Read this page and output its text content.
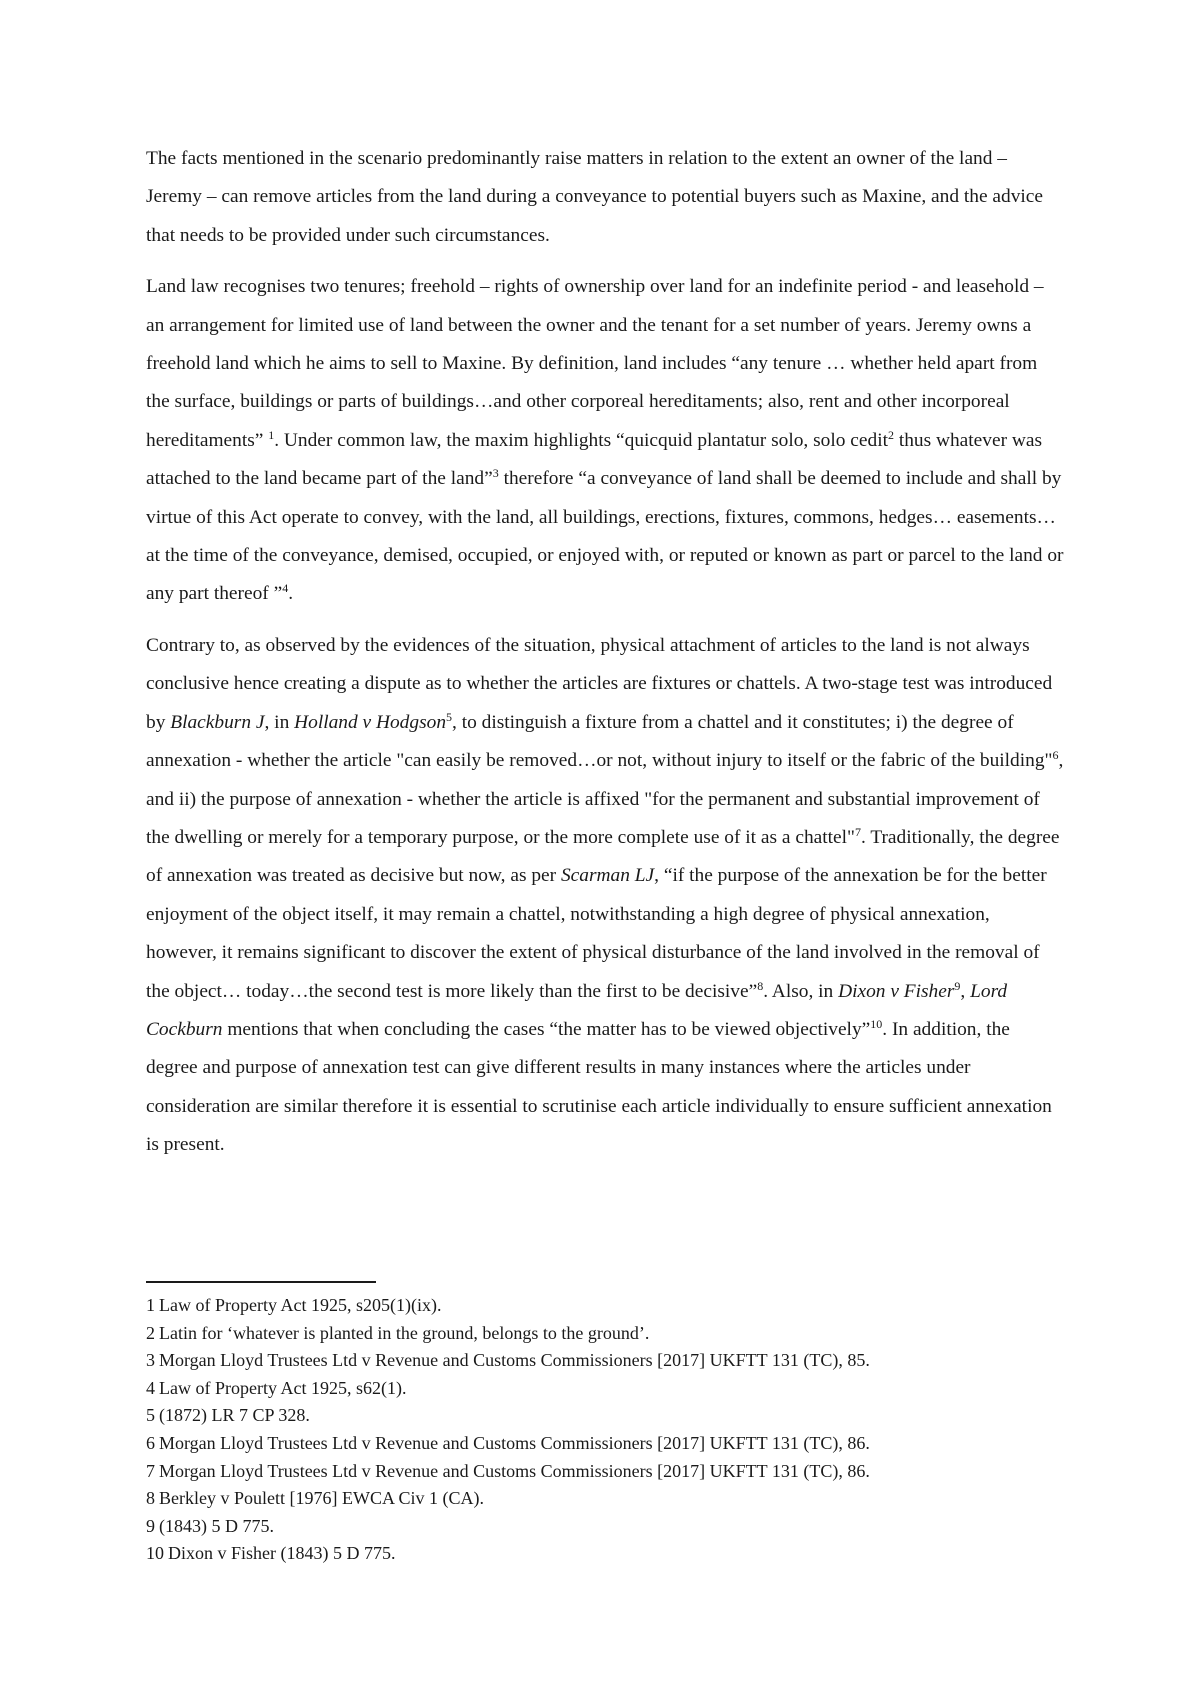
The facts mentioned in the scenario predominantly raise matters in relation to the extent an owner of the land – Jeremy – can remove articles from the land during a conveyance to potential buyers such as Maxine, and the advice that needs to be provided under such circumstances.

Land law recognises two tenures; freehold – rights of ownership over land for an indefinite period - and leasehold – an arrangement for limited use of land between the owner and the tenant for a set number of years. Jeremy owns a freehold land which he aims to sell to Maxine. By definition, land includes “any tenure … whether held apart from the surface, buildings or parts of buildings…and other corporeal hereditaments; also, rent and other incorporeal hereditaments” $^1$. Under common law, the maxim highlights “quicquid plantatur solo, solo cedit$^2$ thus whatever was attached to the land became part of the land”$^3$ therefore “a conveyance of land shall be deemed to include and shall by virtue of this Act operate to convey, with the land, all buildings, erections, fixtures, commons, hedges… easements…at the time of the conveyance, demised, occupied, or enjoyed with, or reputed or known as part or parcel to the land or any part thereof ”$^4$.

Contrary to, as observed by the evidences of the situation, physical attachment of articles to the land is not always conclusive hence creating a dispute as to whether the articles are fixtures or chattels. A two-stage test was introduced by Blackburn J, in Holland v Hodgson$^5$, to distinguish a fixture from a chattel and it constitutes; i) the degree of annexation - whether the article "can easily be removed…or not, without injury to itself or the fabric of the building"$^6$, and ii) the purpose of annexation - whether the article is affixed "for the permanent and substantial improvement of the dwelling or merely for a temporary purpose, or the more complete use of it as a chattel"$^7$. Traditionally, the degree of annexation was treated as decisive but now, as per Scarman LJ, “if the purpose of the annexation be for the better enjoyment of the object itself, it may remain a chattel, notwithstanding a high degree of physical annexation, however, it remains significant to discover the extent of physical disturbance of the land involved in the removal of the object… today…the second test is more likely than the first to be decisive”$^8$. Also, in Dixon v Fisher$^9$, Lord Cockburn mentions that when concluding the cases “the matter has to be viewed objectively”$^{10}$. In addition, the degree and purpose of annexation test can give different results in many instances where the articles under consideration are similar therefore it is essential to scrutinise each article individually to ensure sufficient annexation is present.

1 Law of Property Act 1925, s205(1)(ix).
2 Latin for ‘whatever is planted in the ground, belongs to the ground’.
3 Morgan Lloyd Trustees Ltd v Revenue and Customs Commissioners [2017] UKFTT 131 (TC), 85.
4 Law of Property Act 1925, s62(1).
5 (1872) LR 7 CP 328.
6 Morgan Lloyd Trustees Ltd v Revenue and Customs Commissioners [2017] UKFTT 131 (TC), 86.
7 Morgan Lloyd Trustees Ltd v Revenue and Customs Commissioners [2017] UKFTT 131 (TC), 86.
8 Berkley v Poulett [1976] EWCA Civ 1 (CA).
9 (1843) 5 D 775.
10 Dixon v Fisher (1843) 5 D 775.
